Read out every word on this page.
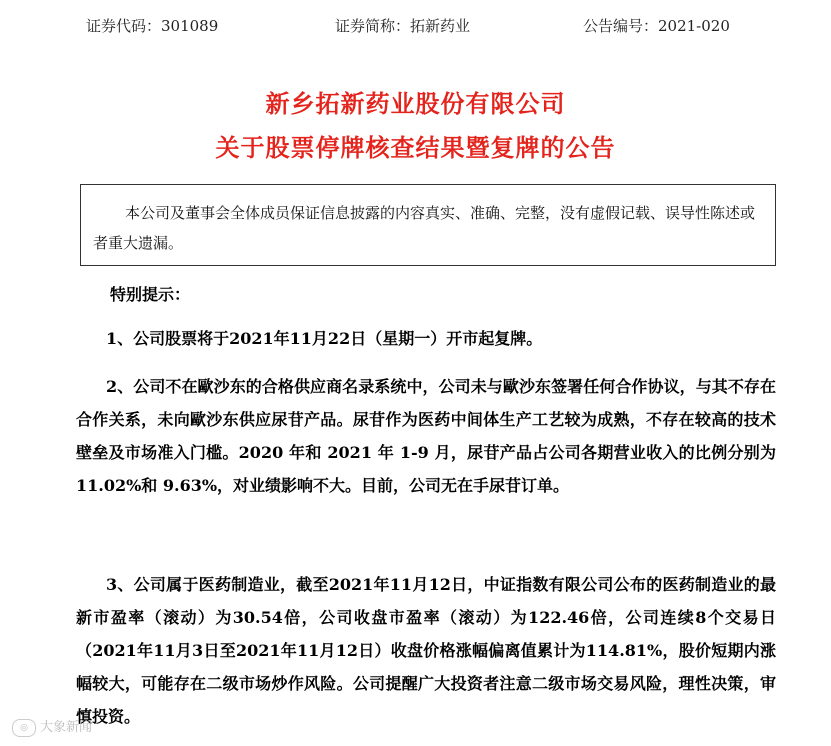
证券代码：301089	证券简称：拓新药业	公告编号：2021-020
新乡拓新药业股份有限公司
关于股票停牌核查结果暨复牌的公告
本公司及董事会全体成员保证信息披露的内容真实、准确、完整，没有虚假记载、误导性陈述或者重大遗漏。
特别提示：
1、公司股票将于2021年11月22日（星期一）开市起复牌。
2、公司不在歐沙东的合格供应商名录系统中，公司未与歐沙东签署任何合作协议，与其不存在合作关系，未向歐沙东供应尿苷产品。尿苷作为医药中间体生产工艺较为成熟，不存在较高的技术壁垒及市场准入门槛。2020 年和 2021 年 1-9 月，尿苷产品占公司各期营业收入的比例分别为 11.02%和 9.63%，对业绩影响不大。目前，公司无在手尿苷订单。
3、公司属于医药制造业，截至2021年11月12日，中证指数有限公司公布的医药制造业的最新市盈率（滚动）为30.54倍，公司收盘市盈率（滚动）为122.46倍，公司连续8个交易日（2021年11月3日至2021年11月12日）收盘价格涨幅偏离值累计为114.81%，股价短期内涨幅较大，可能存在二级市场炒作风险。公司提醒广大投资者注意二级市场交易风险，理性决策，审慎投资。
◎ 大象新闻
